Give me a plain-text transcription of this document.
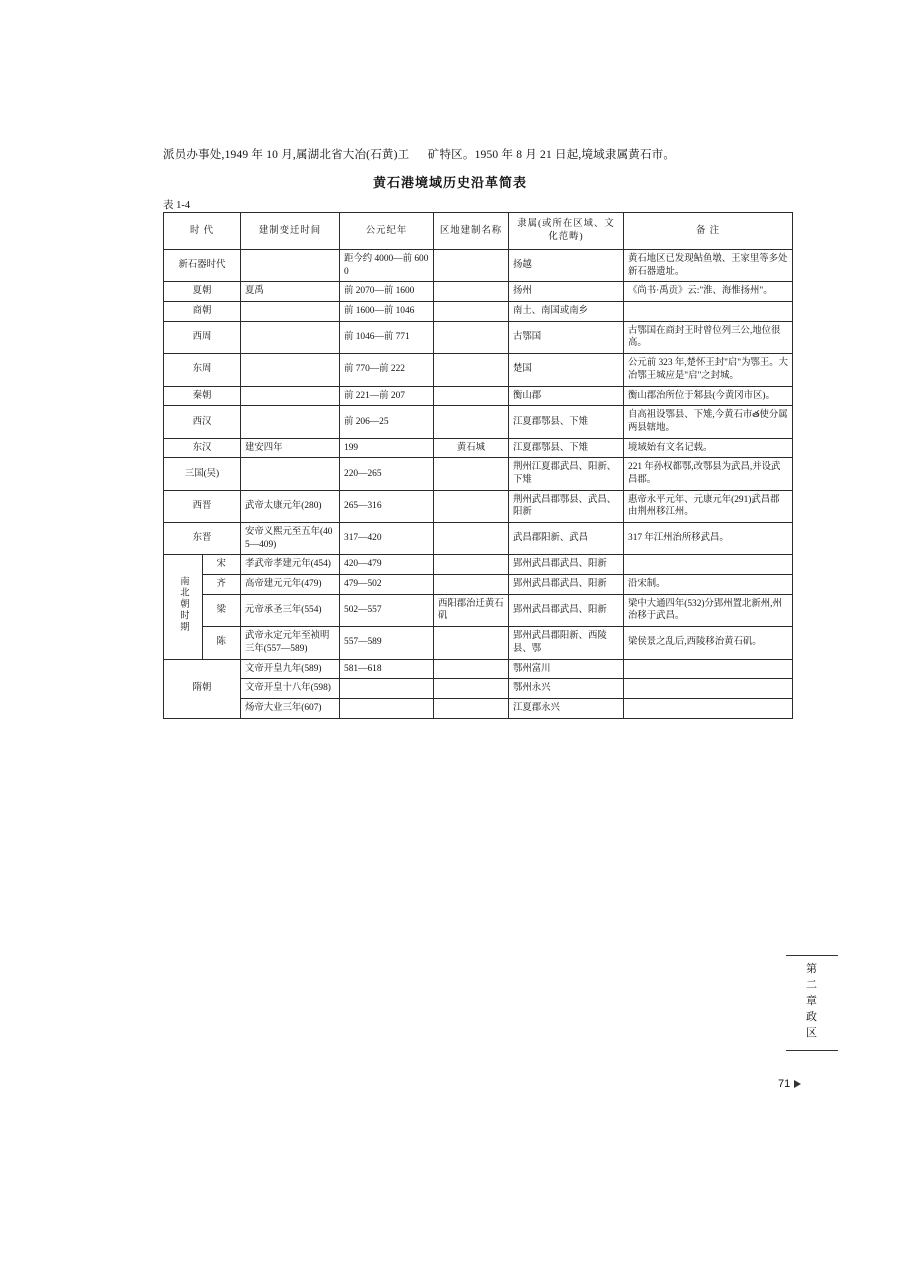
派员办事处,1949 年 10 月,属湖北省大冶(石黄)工      矿特区。1950 年 8 月 21 日起,境域隶属黄石市。
黄石港境域历史沿革简表
表 1-4
时 代		建制变迁时间	公元纪年	区地建制名称	隶属(或所在区域、文化范畴)	备 注
新石器时代			距今约 4000—前 6000		扬越	黄石地区已发现鲇鱼墩、王家里等多处新石器遗址。
夏朝		夏禹	前 2070—前 1600		扬州	《尚书·禹贡》云:"淮、海惟扬州"。
商朝			前 1600—前 1046		南土、南国或南乡	
西周			前 1046—前 771		古鄂国	古鄂国在商封王时曾位列三公,地位很高。
东周			前 770—前 222		楚国	公元前 323 年,楚怀王封"启"为鄂王。大冶鄂王城应是"启"之封城。
秦朝			前 221—前 207		衡山郡	衡山郡治所位于邾县(今黄冈市区)。
西汉			前 206—25		江夏郡鄂县、下雉	自高祖设鄂县、下雉,今黄石市త使分属两县辖地。
东汉		建安四年	199	黄石城	江夏郡鄂县、下雉	境域始有文名记载。
三国(吴)			220—265		荆州江夏郡武昌、阳新、下雉	221 年孙权都鄂,改鄂县为武昌,并设武昌郡。
西晋		武帝太康元年(280)	265—316		荆州武昌郡鄂县、武昌、阳新	惠帝永平元年、元康元年(291)武昌郡由荆州移江州。
东晋		安帝义熙元至五年(405—409)	317—420		武昌郡阳新、武昌	317 年江州治所移武昌。
南北朝时期	宋	孝武帝孝建元年(454)	420—479		郢州武昌郡武昌、阳新	
	齐	高帝建元元年(479)	479—502		郢州武昌郡武昌、阳新	沿宋制。
	梁	元帝承圣三年(554)	502—557	西阳郡治迁黄石矶	郢州武昌郡武昌、阳新	梁中大通四年(532)分郢州置北新州,州治移于武昌。
	陈	武帝永定元年至祯明三年(557—589)	557—589		郢州武昌郡阳新、西陵县、鄂	梁侯景之乱后,西陵移治黄石矶。
隋朝		文帝开皇九年(589)	581—618		鄂州富川	
		文帝开皇十八年(598)			鄂州永兴	
		炀帝大业三年(607)			江夏郡永兴	
第
二
章
政
区
71
